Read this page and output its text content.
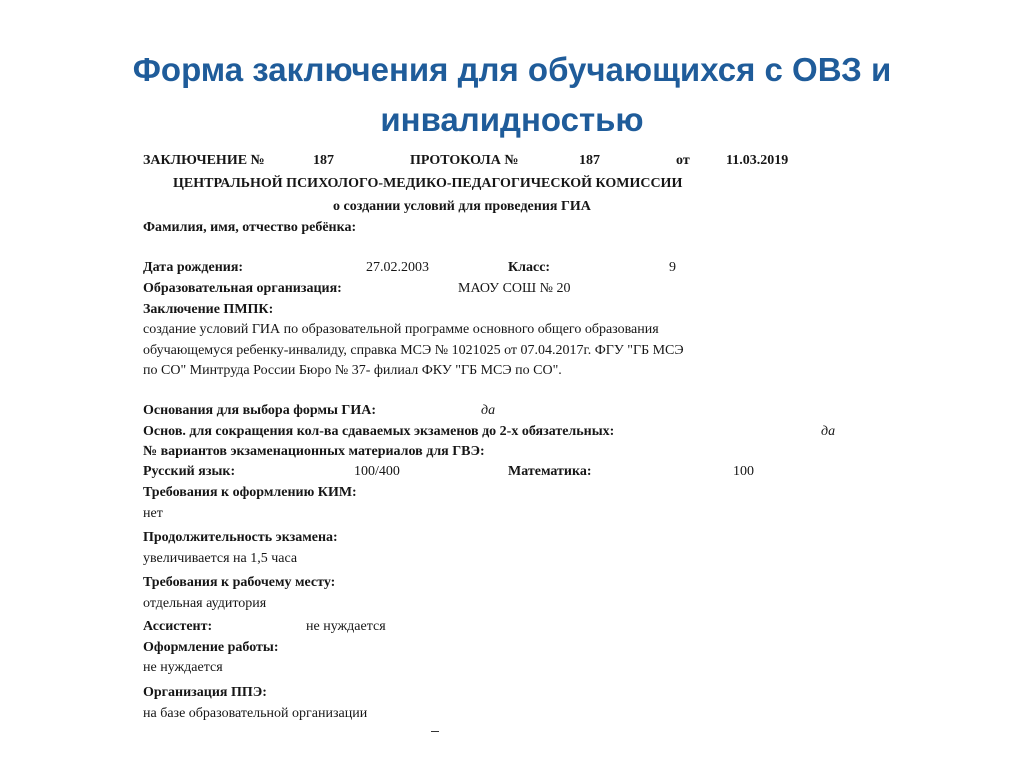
Форма заключения для обучающихся с ОВЗ и
инвалидностью
ЗАКЛЮЧЕНИЕ №	187	ПРОТОКОЛА №	187	от	11.03.2019
ЦЕНТРАЛЬНОЙ ПСИХОЛОГО-МЕДИКО-ПЕДАГОГИЧЕСКОЙ КОМИССИИ
о создании условий для проведения ГИА
Фамилия, имя, отчество ребёнка:
Дата рождения:	27.02.2003	Класс:	9
Образовательная организация:	МАОУ СОШ № 20
Заключение ПМПК:
создание условий ГИА по образовательной программе основного общего образования
обучающемуся ребенку-инвалиду, справка МСЭ № 1021025 от 07.04.2017г. ФГУ "ГБ МСЭ
по СО" Минтруда России Бюро № 37- филиал ФКУ "ГБ МСЭ по СО".
Основания для выбора формы ГИА:	да
Основ. для сокращения кол-ва сдаваемых экзаменов до 2-х обязательных:	да
№ вариантов экзаменационных материалов для ГВЭ:
Русский язык:	100/400	Математика:	100
Требования к оформлению КИМ:
нет
Продолжительность экзамена:
увеличивается на 1,5 часа
Требования к рабочему месту:
отдельная аудитория
Ассистент:	не нуждается
Оформление работы:
не нуждается
Организация ППЭ:
на базе образовательной организации
